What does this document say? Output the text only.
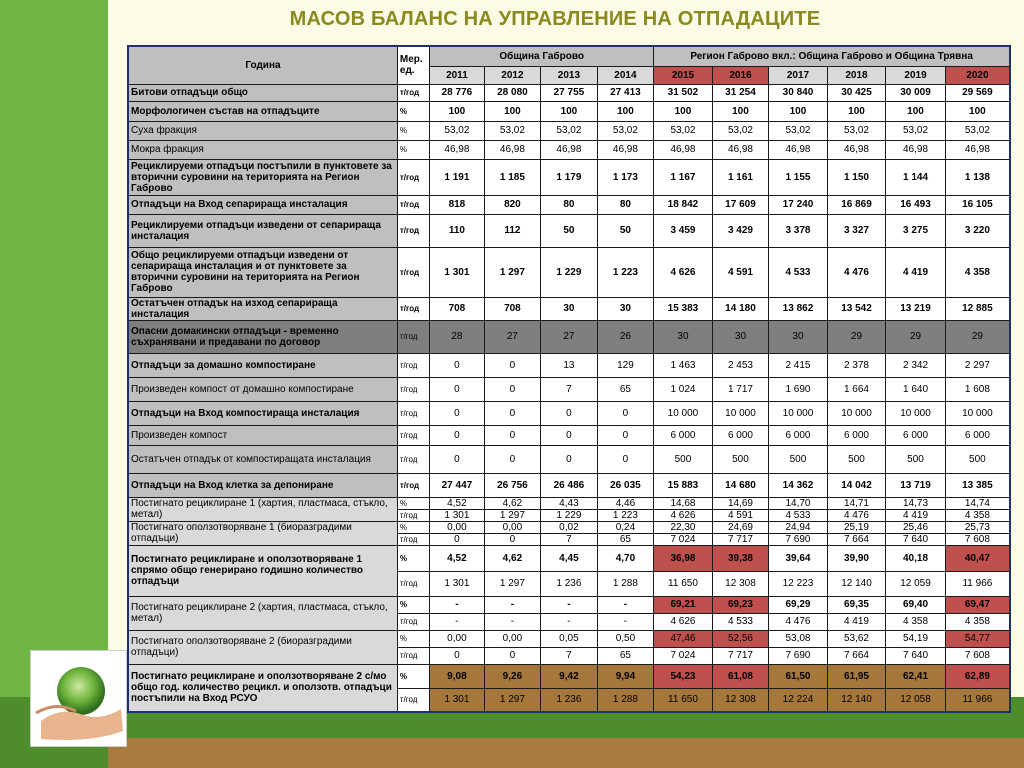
МАСОВ БАЛАНС НА УПРАВЛЕНИЕ НА ОТПАДАЦИТЕ
Година	Мер.
ед.	Община Габрово				Регион Габрово вкл.: Община Габрово и Община Трявна					
		2011	2012	2013	2014	2015	2016	2017	2018	2019	2020
Битови отпадъци общо	т/год	28 776	28 080	27 755	27 413	31 502	31 254	30 840	30 425	30 009	29 569
Морфологичен състав на отпадъците	%	100	100	100	100	100	100	100	100	100	100
Суха фракция	%	53,02	53,02	53,02	53,02	53,02	53,02	53,02	53,02	53,02	53,02
Мокра фракция	%	46,98	46,98	46,98	46,98	46,98	46,98	46,98	46,98	46,98	46,98
Рециклируеми отпадъци постъпили в пунктовете за вторични суровини на територията на Регион Габрово	т/год	1 191	1 185	1 179	1 173	1 167	1 161	1 155	1 150	1 144	1 138
Отпадъци на Вход сепарираща инсталация	т/год	818	820	80	80	18 842	17 609	17 240	16 869	16 493	16 105
Рециклируеми отпадъци изведени от сепарираща инсталация	т/год	110	112	50	50	3 459	3 429	3 378	3 327	3 275	3 220
Общо рециклируеми отпадъци изведени от сепарираща инсталация и от пунктовете за вторични суровини на територията на Регион Габрово	т/год	1 301	1 297	1 229	1 223	4 626	4 591	4 533	4 476	4 419	4 358
Остатъчен отпадък на изход сепарираща инсталация	т/год	708	708	30	30	15 383	14 180	13 862	13 542	13 219	12 885
Опасни домакински отпадъци - временно съхранявани и предавани по договор	т/год	28	27	27	26	30	30	30	29	29	29
Отпадъци за домашно компостиране	т/год	0	0	13	129	1 463	2 453	2 415	2 378	2 342	2 297
Произведен компост от домашно компостиране	т/год	0	0	7	65	1 024	1 717	1 690	1 664	1 640	1 608
Отпадъци на Вход компостираща инсталация	т/год	0	0	0	0	10 000	10 000	10 000	10 000	10 000	10 000
Произведен компост	т/год	0	0	0	0	6 000	6 000	6 000	6 000	6 000	6 000
Остатъчен отпадък от компостиращата инсталация	т/год	0	0	0	0	500	500	500	500	500	500
Отпадъци на Вход клетка за депониране	т/год	27 447	26 756	26 486	26 035	15 883	14 680	14 362	14 042	13 719	13 385
Постигнато рециклиране 1 (хартия, пластмаса, стъкло, метал)	%	4,52	4,62	4,43	4,46	14,68	14,69	14,70	14,71	14,73	14,74
	т/год	1 301	1 297	1 229	1 223	4 626	4 591	4 533	4 476	4 419	4 358
Постигнато оползотворяване 1 (биоразградими отпадъци)	%	0,00	0,00	0,02	0,24	22,30	24,69	24,94	25,19	25,46	25,73
	т/год	0	0	7	65	7 024	7 717	7 690	7 664	7 640	7 608
Постигнато рециклиране и оползотворяване 1 спрямо общо генерирано годишно количество отпадъци	%	4,52	4,62	4,45	4,70	36,98	39,38	39,64	39,90	40,18	40,47
	т/год	1 301	1 297	1 236	1 288	11 650	12 308	12 223	12 140	12 059	11 966
Постигнато рециклиране 2 (хартия, пластмаса, стъкло, метал)	%	-	-	-	-	69,21	69,23	69,29	69,35	69,40	69,47
	т/год	-	-	-	-	4 626	4 533	4 476	4 419	4 358	4 358
Постигнато оползотворяване 2 (биоразградими отпадъци)	%	0,00	0,00	0,05	0,50	47,46	52,56	53,08	53,62	54,19	54,77
	т/год	0	0	7	65	7 024	7 717	7 690	7 664	7 640	7 608
Постигнато рециклиране и оползотворяване 2 с/мо общо год. количество рецикл. и оползотв. отпадъци постъпили на Вход РСУО	%	9,08	9,26	9,42	9,94	54,23	61,08	61,50	61,95	62,41	62,89
	т/год	1 301	1 297	1 236	1 288	11 650	12 308	12 224	12 140	12 058	11 966
